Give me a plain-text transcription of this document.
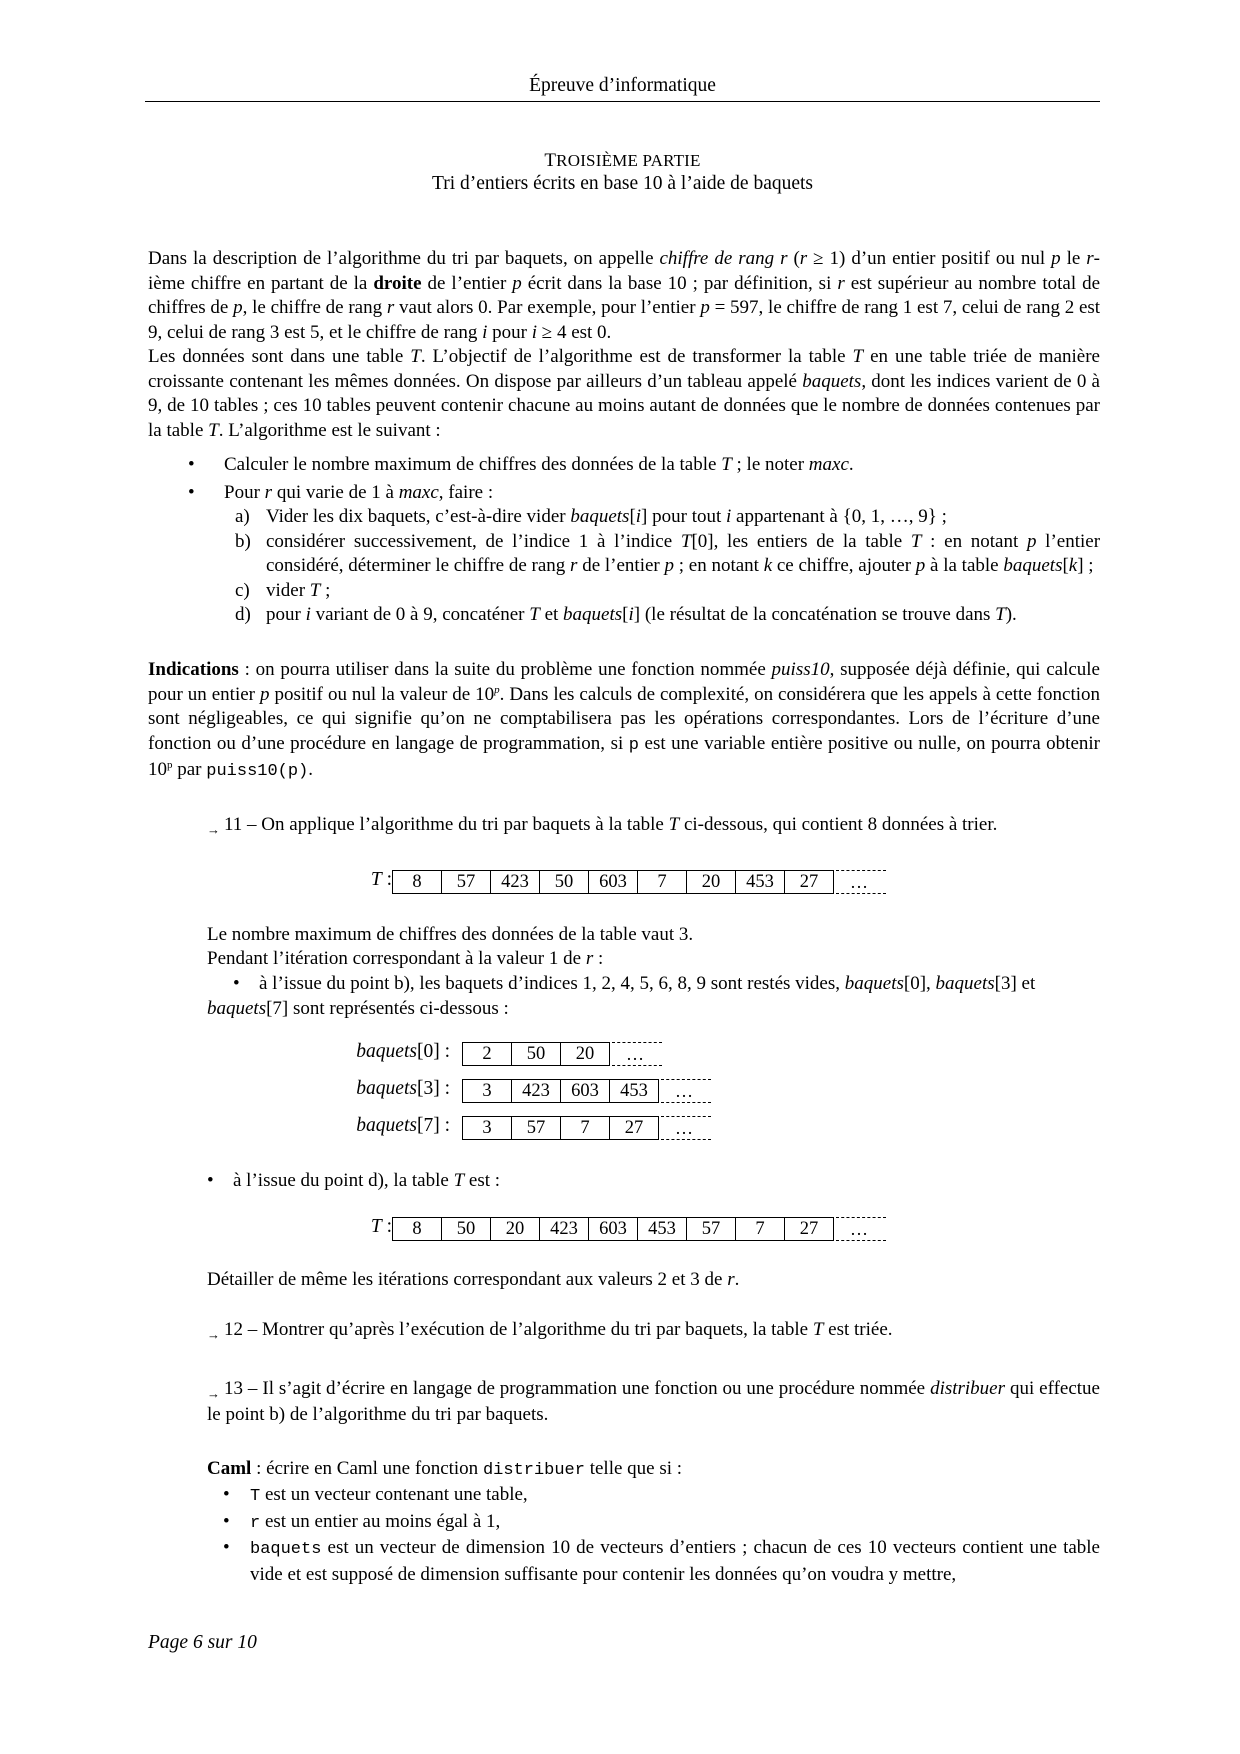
Épreuve d’informatique
TROISIÈME PARTIE
Tri d’entiers écrits en base 10 à l’aide de baquets
Dans la description de l’algorithme du tri par baquets, on appelle chiffre de rang r (r ≥ 1) d’un entier positif ou nul p le r-ième chiffre en partant de la droite de l’entier p écrit dans la base 10 ; par définition, si r est supérieur au nombre total de chiffres de p, le chiffre de rang r vaut alors 0. Par exemple, pour l’entier p = 597, le chiffre de rang 1 est 7, celui de rang 2 est 9, celui de rang 3 est 5, et le chiffre de rang i pour i ≥ 4 est 0.
Les données sont dans une table T. L’objectif de l’algorithme est de transformer la table T en une table triée de manière croissante contenant les mêmes données. On dispose par ailleurs d’un tableau appelé baquets, dont les indices varient de 0 à 9, de 10 tables ; ces 10 tables peuvent contenir chacune au moins autant de données que le nombre de données contenues par la table T. L’algorithme est le suivant :
• Calculer le nombre maximum de chiffres des données de la table T ; le noter maxc.
• Pour r qui varie de 1 à maxc, faire :
a) Vider les dix baquets, c’est-à-dire vider baquets[i] pour tout i appartenant à {0, 1, …, 9} ;
b) considérer successivement, de l’indice 1 à l’indice T[0], les entiers de la table T : en notant p l’entier considéré, déterminer le chiffre de rang r de l’entier p ; en notant k ce chiffre, ajouter p à la table baquets[k] ;
c) vider T ;
d) pour i variant de 0 à 9, concaténer T et baquets[i] (le résultat de la concaténation se trouve dans T).
Indications : on pourra utiliser dans la suite du problème une fonction nommée puiss10, supposée déjà définie, qui calcule pour un entier p positif ou nul la valeur de 10$^p$. Dans les calculs de complexité, on considérera que les appels à cette fonction sont négligeables, ce qui signifie qu’on ne comptabilisera pas les opérations correspondantes. Lors de l’écriture d’une fonction ou d’une procédure en langage de programmation, si p est une variable entière positive ou nulle, on pourra obtenir 10$^p$ par puiss10(p).
$_\to$ 11 – On applique l’algorithme du tri par baquets à la table T ci-dessous, qui contient 8 données à trier.
T :	8	57	423	50	603	7	20	453	27	…
Le nombre maximum de chiffres des données de la table vaut 3.
Pendant l’itération correspondant à la valeur 1 de r :
• à l’issue du point b), les baquets d’indices 1, 2, 4, 5, 6, 8, 9 sont restés vides, baquets[0], baquets[3] et
baquets[7] sont représentés ci-dessous :
baquets[0] :	2	50	20	…
baquets[3] :	3	423	603	453	…
baquets[7] :	3	57	7	27	…
• à l’issue du point d), la table T est :
T :	8	50	20	423	603	453	57	7	27	…
Détailler de même les itérations correspondant aux valeurs 2 et 3 de r.
$_\to$ 12 – Montrer qu’après l’exécution de l’algorithme du tri par baquets, la table T est triée.
$_\to$ 13 – Il s’agit d’écrire en langage de programmation une fonction ou une procédure nommée distribuer qui effectue le point b) de l’algorithme du tri par baquets.
Caml : écrire en Caml une fonction distribuer telle que si :
• T est un vecteur contenant une table,
• r est un entier au moins égal à 1,
• baquets est un vecteur de dimension 10 de vecteurs d’entiers ; chacun de ces 10 vecteurs contient une table vide et est supposé de dimension suffisante pour contenir les données qu’on voudra y mettre,
Page 6 sur 10
